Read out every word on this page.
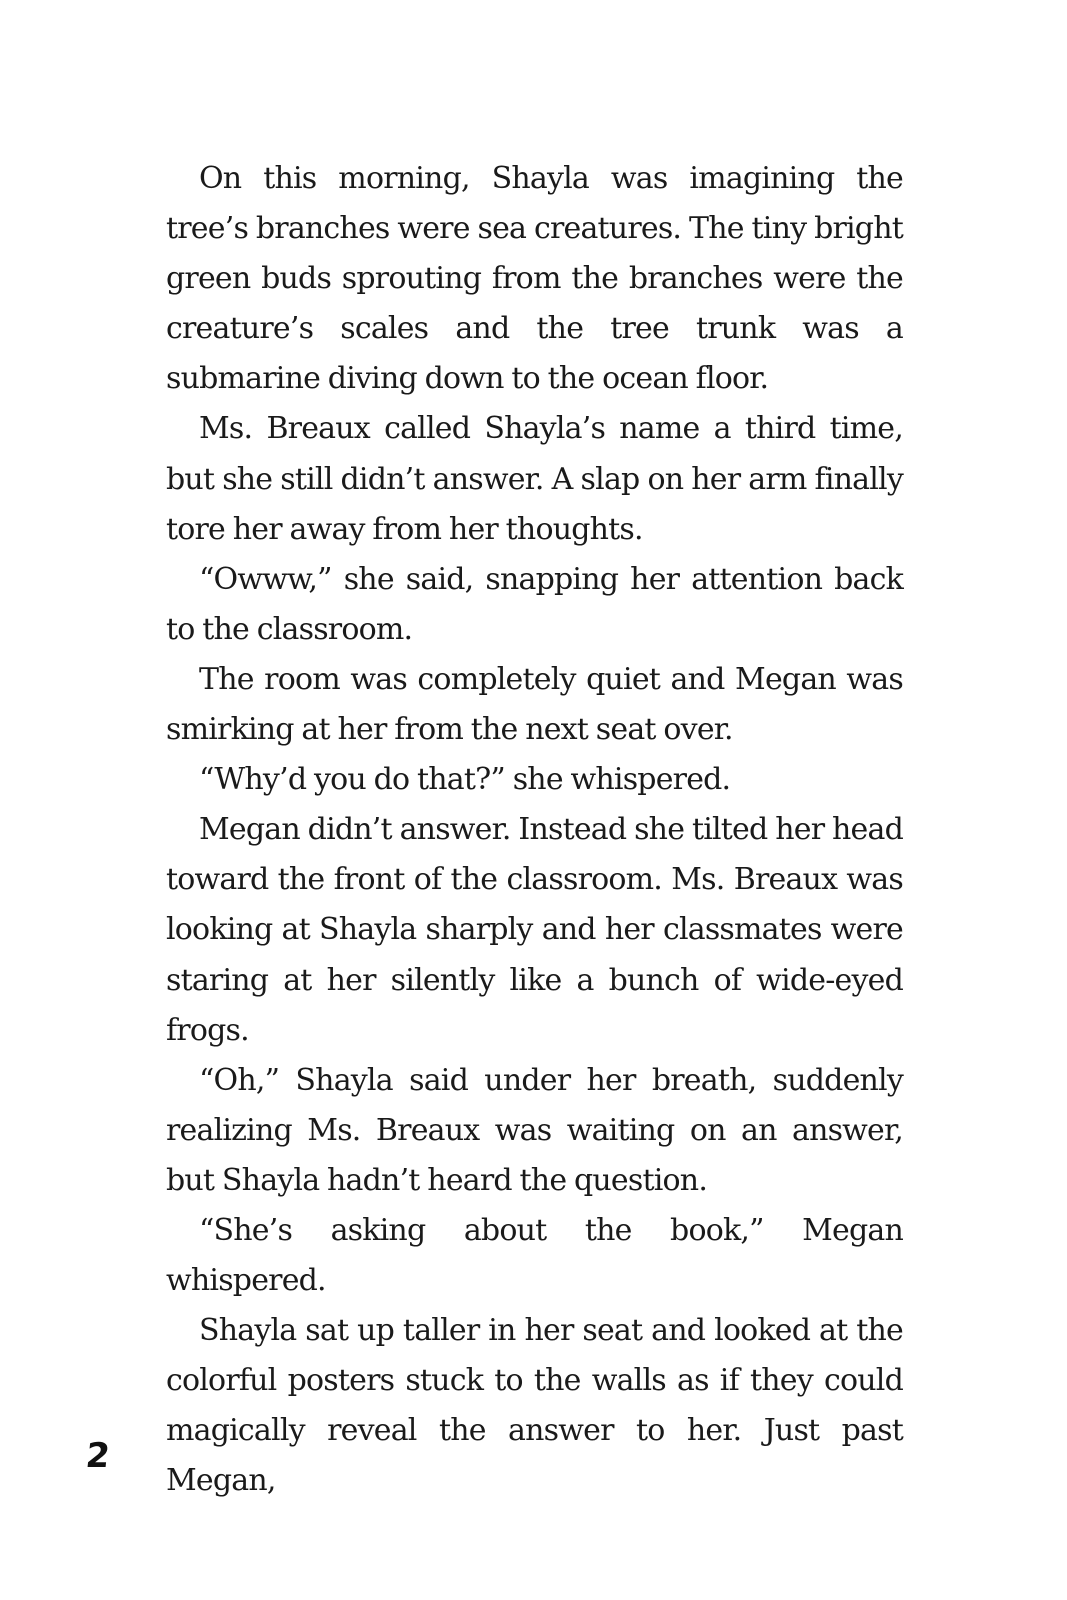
On this morning, Shayla was imagining the tree’s branches were sea creatures. The tiny bright green buds sprouting from the branches were the creature’s scales and the tree trunk was a submarine diving down to the ocean floor.

Ms. Breaux called Shayla’s name a third time, but she still didn’t answer. A slap on her arm finally tore her away from her thoughts.

“Owww,” she said, snapping her attention back to the classroom.

The room was completely quiet and Megan was smirking at her from the next seat over.

“Why’d you do that?” she whispered.

Megan didn’t answer. Instead she tilted her head toward the front of the classroom. Ms. Breaux was looking at Shayla sharply and her classmates were staring at her silently like a bunch of wide-eyed frogs.

“Oh,” Shayla said under her breath, suddenly realizing Ms. Breaux was waiting on an answer, but Shayla hadn’t heard the question.

“She’s asking about the book,” Megan whispered.

Shayla sat up taller in her seat and looked at the colorful posters stuck to the walls as if they could magically reveal the answer to her. Just past Megan,

2
